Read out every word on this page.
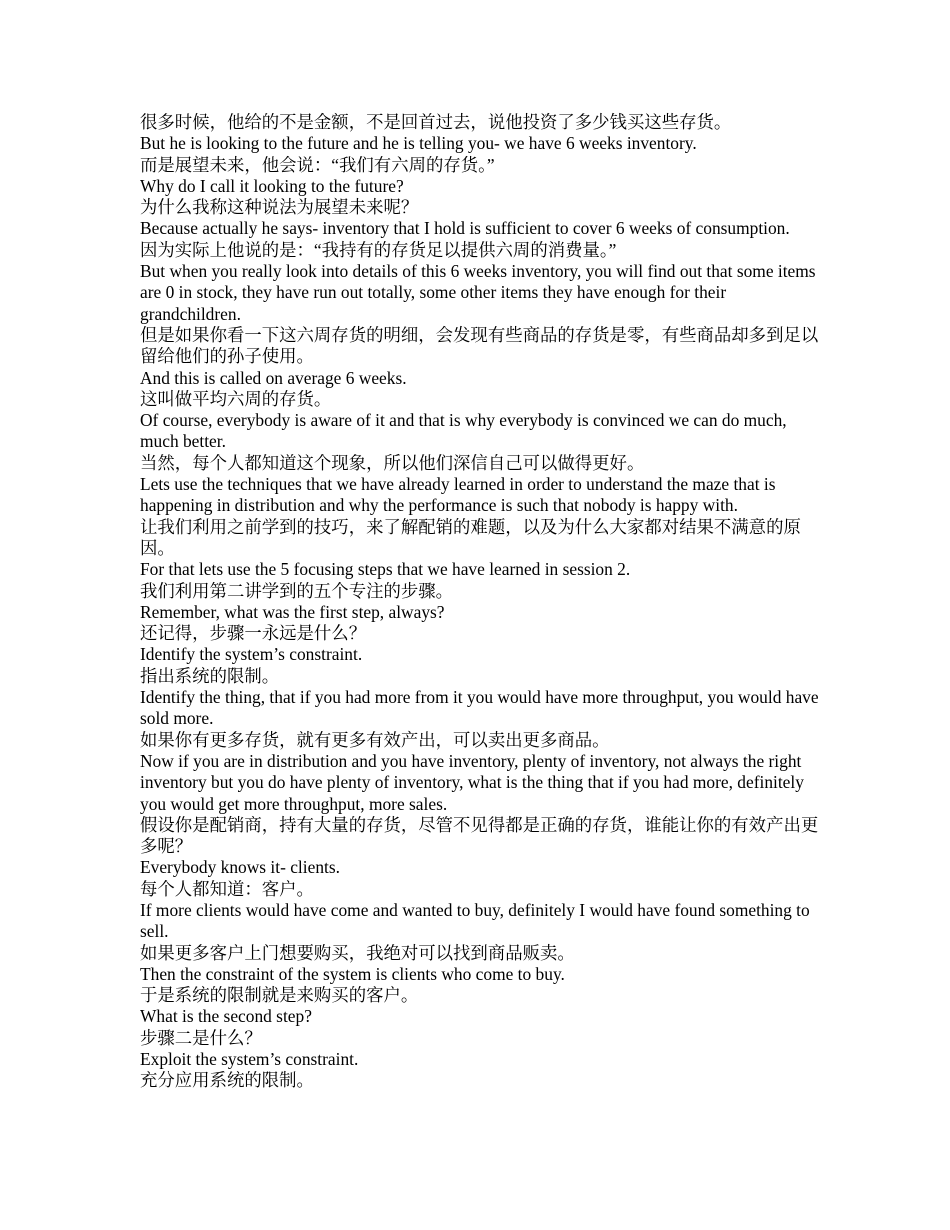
很多时候，他给的不是金额，不是回首过去，说他投资了多少钱买这些存货。

But he is looking to the future and he is telling you- we have 6 weeks inventory.

而是展望未来，他会说：“我们有六周的存货。”

Why do I call it looking to the future?

为什么我称这种说法为展望未来呢？

Because actually he says- inventory that I hold is sufficient to cover 6 weeks of consumption.

因为实际上他说的是：“我持有的存货足以提供六周的消费量。”

But when you really look into details of this 6 weeks inventory, you will find out that some items are 0 in stock, they have run out totally, some other items they have enough for their grandchildren.

但是如果你看一下这六周存货的明细，会发现有些商品的存货是零，有些商品却多到足以留给他们的孙子使用。

And this is called on average 6 weeks.

这叫做平均六周的存货。

Of course, everybody is aware of it and that is why everybody is convinced we can do much, much better.

当然，每个人都知道这个现象，所以他们深信自己可以做得更好。

Lets use the techniques that we have already learned in order to understand the maze that is happening in distribution and why the performance is such that nobody is happy with.

让我们利用之前学到的技巧，来了解配销的难题，以及为什么大家都对结果不满意的原因。

For that lets use the 5 focusing steps that we have learned in session 2.

我们利用第二讲学到的五个专注的步骤。

Remember, what was the first step, always?

还记得，步骤一永远是什么？

Identify the system’s constraint.

指出系统的限制。

Identify the thing, that if you had more from it you would have more throughput, you would have sold more.

如果你有更多存货，就有更多有效产出，可以卖出更多商品。

Now if you are in distribution and you have inventory, plenty of inventory, not always the right inventory but you do have plenty of inventory, what is the thing that if you had more, definitely you would get more throughput, more sales.

假设你是配销商，持有大量的存货，尽管不见得都是正确的存货，谁能让你的有效产出更多呢？

Everybody knows it- clients.

每个人都知道：客户。

If more clients would have come and wanted to buy, definitely I would have found something to sell.

如果更多客户上门想要购买，我绝对可以找到商品贩卖。

Then the constraint of the system is clients who come to buy.

于是系统的限制就是来购买的客户。

What is the second step?

步骤二是什么？

Exploit the system’s constraint.

充分应用系统的限制。
